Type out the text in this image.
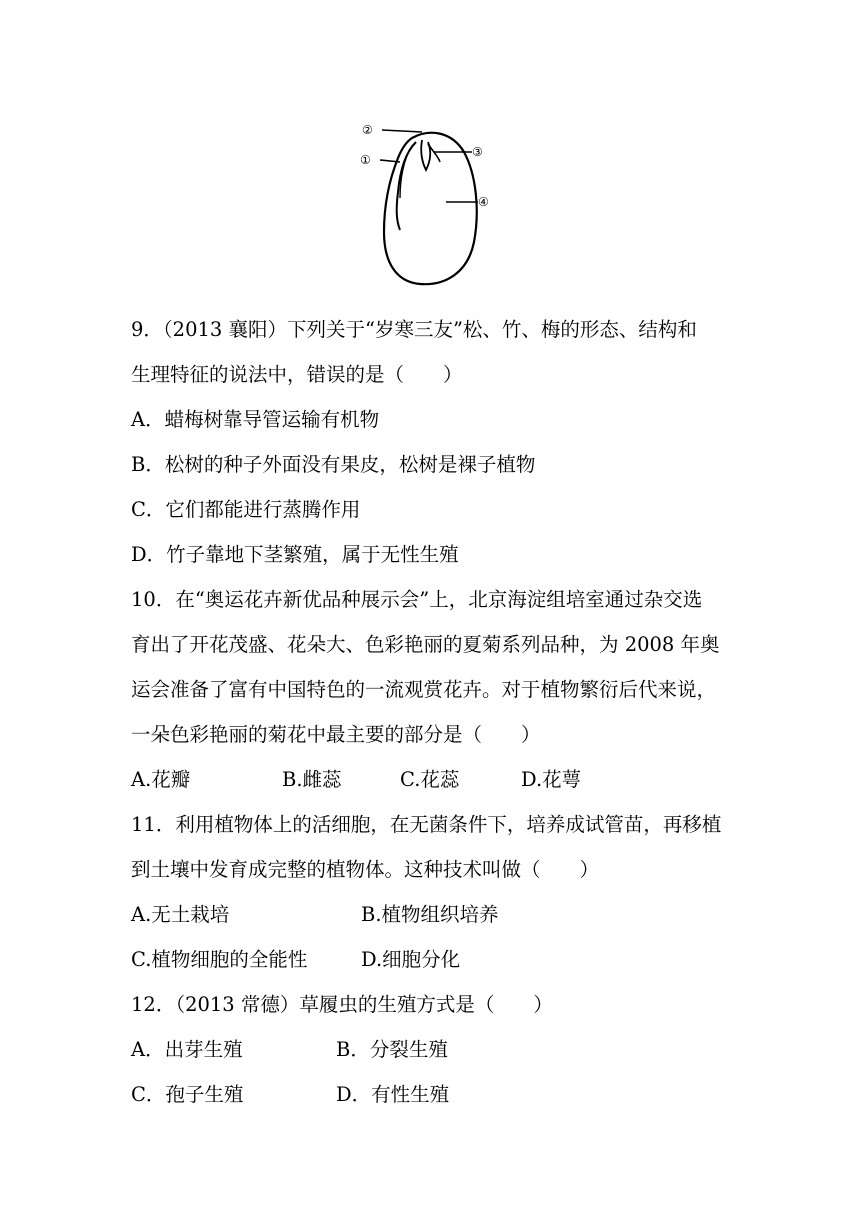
②
①
③
④
9．（2013 襄阳）下列关于“岁寒三友”松、竹、梅的形态、结构和
生理特征的说法中，错误的是（　　）
A．蜡梅树靠导管运输有机物
B．松树的种子外面没有果皮，松树是裸子植物
C．它们都能进行蒸腾作用
D．竹子靠地下茎繁殖，属于无性生殖
10．在“奥运花卉新优品种展示会”上，北京海淀组培室通过杂交选
育出了开花茂盛、花朵大、色彩艳丽的夏菊系列品种，为 2008 年奥
运会准备了富有中国特色的一流观赏花卉。对于植物繁衍后代来说，
一朵色彩艳丽的菊花中最主要的部分是（　　）
A.花瓣	B.雌蕊	C.花蕊	D.花萼
11．利用植物体上的活细胞，在无菌条件下，培养成试管苗，再移植
到土壤中发育成完整的植物体。这种技术叫做（　　）
A.无土栽培	B.植物组织培养
C.植物细胞的全能性	D.细胞分化
12．（2013 常德）草履虫的生殖方式是（　　）
A．出芽生殖	B．分裂生殖
C．孢子生殖	D．有性生殖
